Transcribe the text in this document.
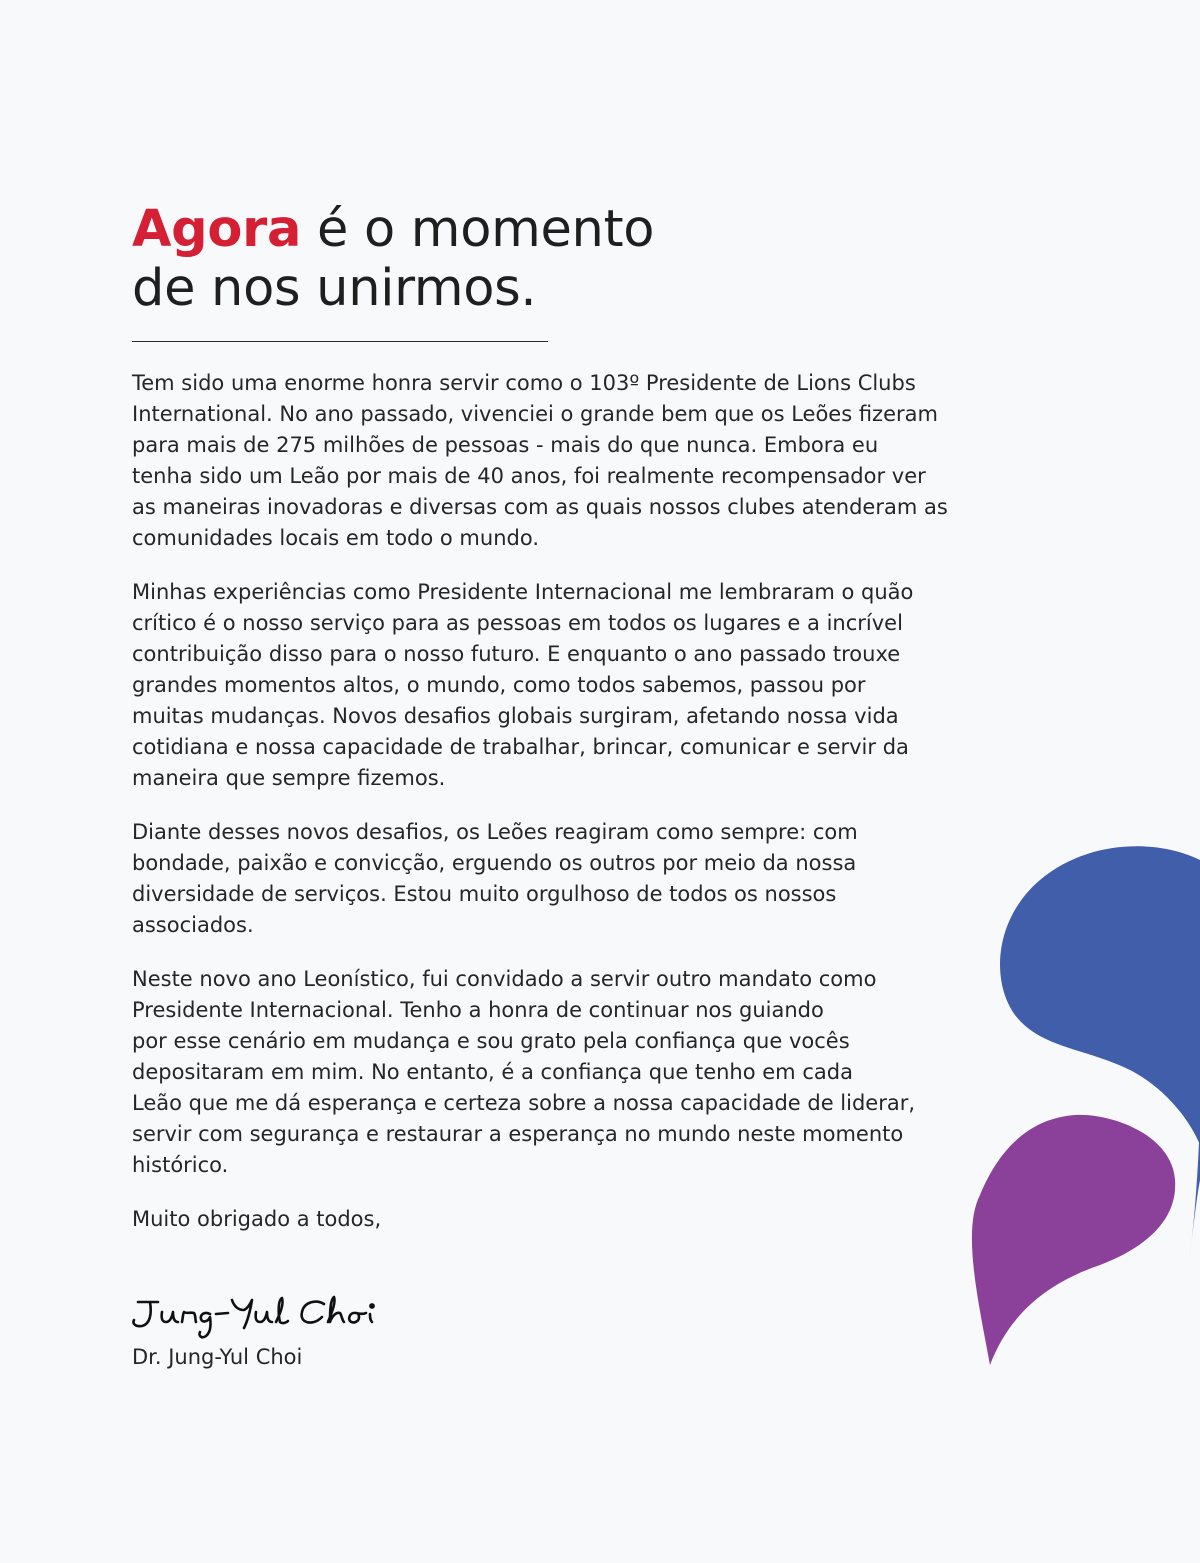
Agora é o momento
de nos unirmos.

Tem sido uma enorme honra servir como o 103º Presidente de Lions Clubs
International. No ano passado, vivenciei o grande bem que os Leões fizeram
para mais de 275 milhões de pessoas - mais do que nunca. Embora eu
tenha sido um Leão por mais de 40 anos, foi realmente recompensador ver
as maneiras inovadoras e diversas com as quais nossos clubes atenderam as
comunidades locais em todo o mundo.

Minhas experiências como Presidente Internacional me lembraram o quão
crítico é o nosso serviço para as pessoas em todos os lugares e a incrível
contribuição disso para o nosso futuro. E enquanto o ano passado trouxe
grandes momentos altos, o mundo, como todos sabemos, passou por
muitas mudanças. Novos desafios globais surgiram, afetando nossa vida
cotidiana e nossa capacidade de trabalhar, brincar, comunicar e servir da
maneira que sempre fizemos.

Diante desses novos desafios, os Leões reagiram como sempre: com
bondade, paixão e convicção, erguendo os outros por meio da nossa
diversidade de serviços. Estou muito orgulhoso de todos os nossos
associados.

Neste novo ano Leonístico, fui convidado a servir outro mandato como
Presidente Internacional. Tenho a honra de continuar nos guiando
por esse cenário em mudança e sou grato pela confiança que vocês
depositaram em mim. No entanto, é a confiança que tenho em cada
Leão que me dá esperança e certeza sobre a nossa capacidade de liderar,
servir com segurança e restaurar a esperança no mundo neste momento
histórico.

Muito obrigado a todos,

Dr. Jung-Yul Choi
